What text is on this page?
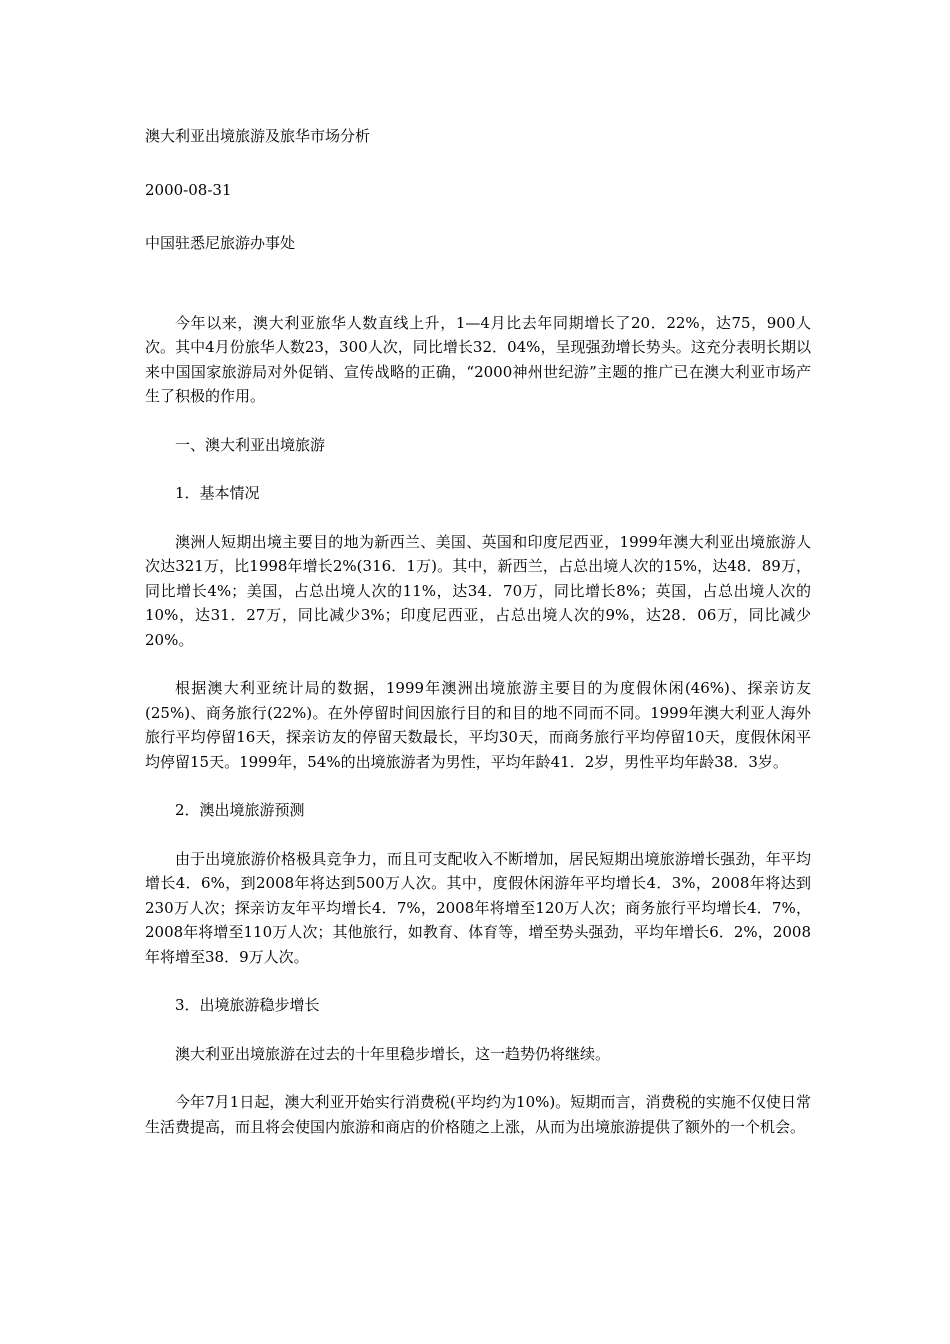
澳大利亚出境旅游及旅华市场分析

2000-08-31

中国驻悉尼旅游办事处

今年以来，澳大利亚旅华人数直线上升，1—4月比去年同期增长了20．22%，达75，900人次。其中4月份旅华人数23，300人次，同比增长32．04%，呈现强劲增长势头。这充分表明长期以来中国国家旅游局对外促销、宣传战略的正确，“2000神州世纪游”主题的推广已在澳大利亚市场产生了积极的作用。

一、澳大利亚出境旅游

1．基本情况

澳洲人短期出境主要目的地为新西兰、美国、英国和印度尼西亚，1999年澳大利亚出境旅游人次达321万，比1998年增长2%(316．1万)。其中，新西兰，占总出境人次的15%，达48．89万，同比增长4%；美国，占总出境人次的11%，达34．70万，同比增长8%；英国，占总出境人次的10%，达31．27万，同比减少3%；印度尼西亚，占总出境人次的9%，达28．06万，同比减少20%。

根据澳大利亚统计局的数据，1999年澳洲出境旅游主要目的为度假休闲(46%)、探亲访友(25%)、商务旅行(22%)。在外停留时间因旅行目的和目的地不同而不同。1999年澳大利亚人海外旅行平均停留16天，探亲访友的停留天数最长，平均30天，而商务旅行平均停留10天，度假休闲平均停留15天。1999年，54%的出境旅游者为男性，平均年龄41．2岁，男性平均年龄38．3岁。

2．澳出境旅游预测

由于出境旅游价格极具竞争力，而且可支配收入不断增加，居民短期出境旅游增长强劲，年平均增长4．6%，到2008年将达到500万人次。其中，度假休闲游年平均增长4．3%，2008年将达到230万人次；探亲访友年平均增长4．7%，2008年将增至120万人次；商务旅行平均增长4．7%，2008年将增至110万人次；其他旅行，如教育、体育等，增至势头强劲，平均年增长6．2%，2008年将增至38．9万人次。

3．出境旅游稳步增长

澳大利亚出境旅游在过去的十年里稳步增长，这一趋势仍将继续。

今年7月1日起，澳大利亚开始实行消费税(平均约为10%)。短期而言，消费税的实施不仅使日常生活费提高，而且将会使国内旅游和商店的价格随之上涨，从而为出境旅游提供了额外的一个机会。
